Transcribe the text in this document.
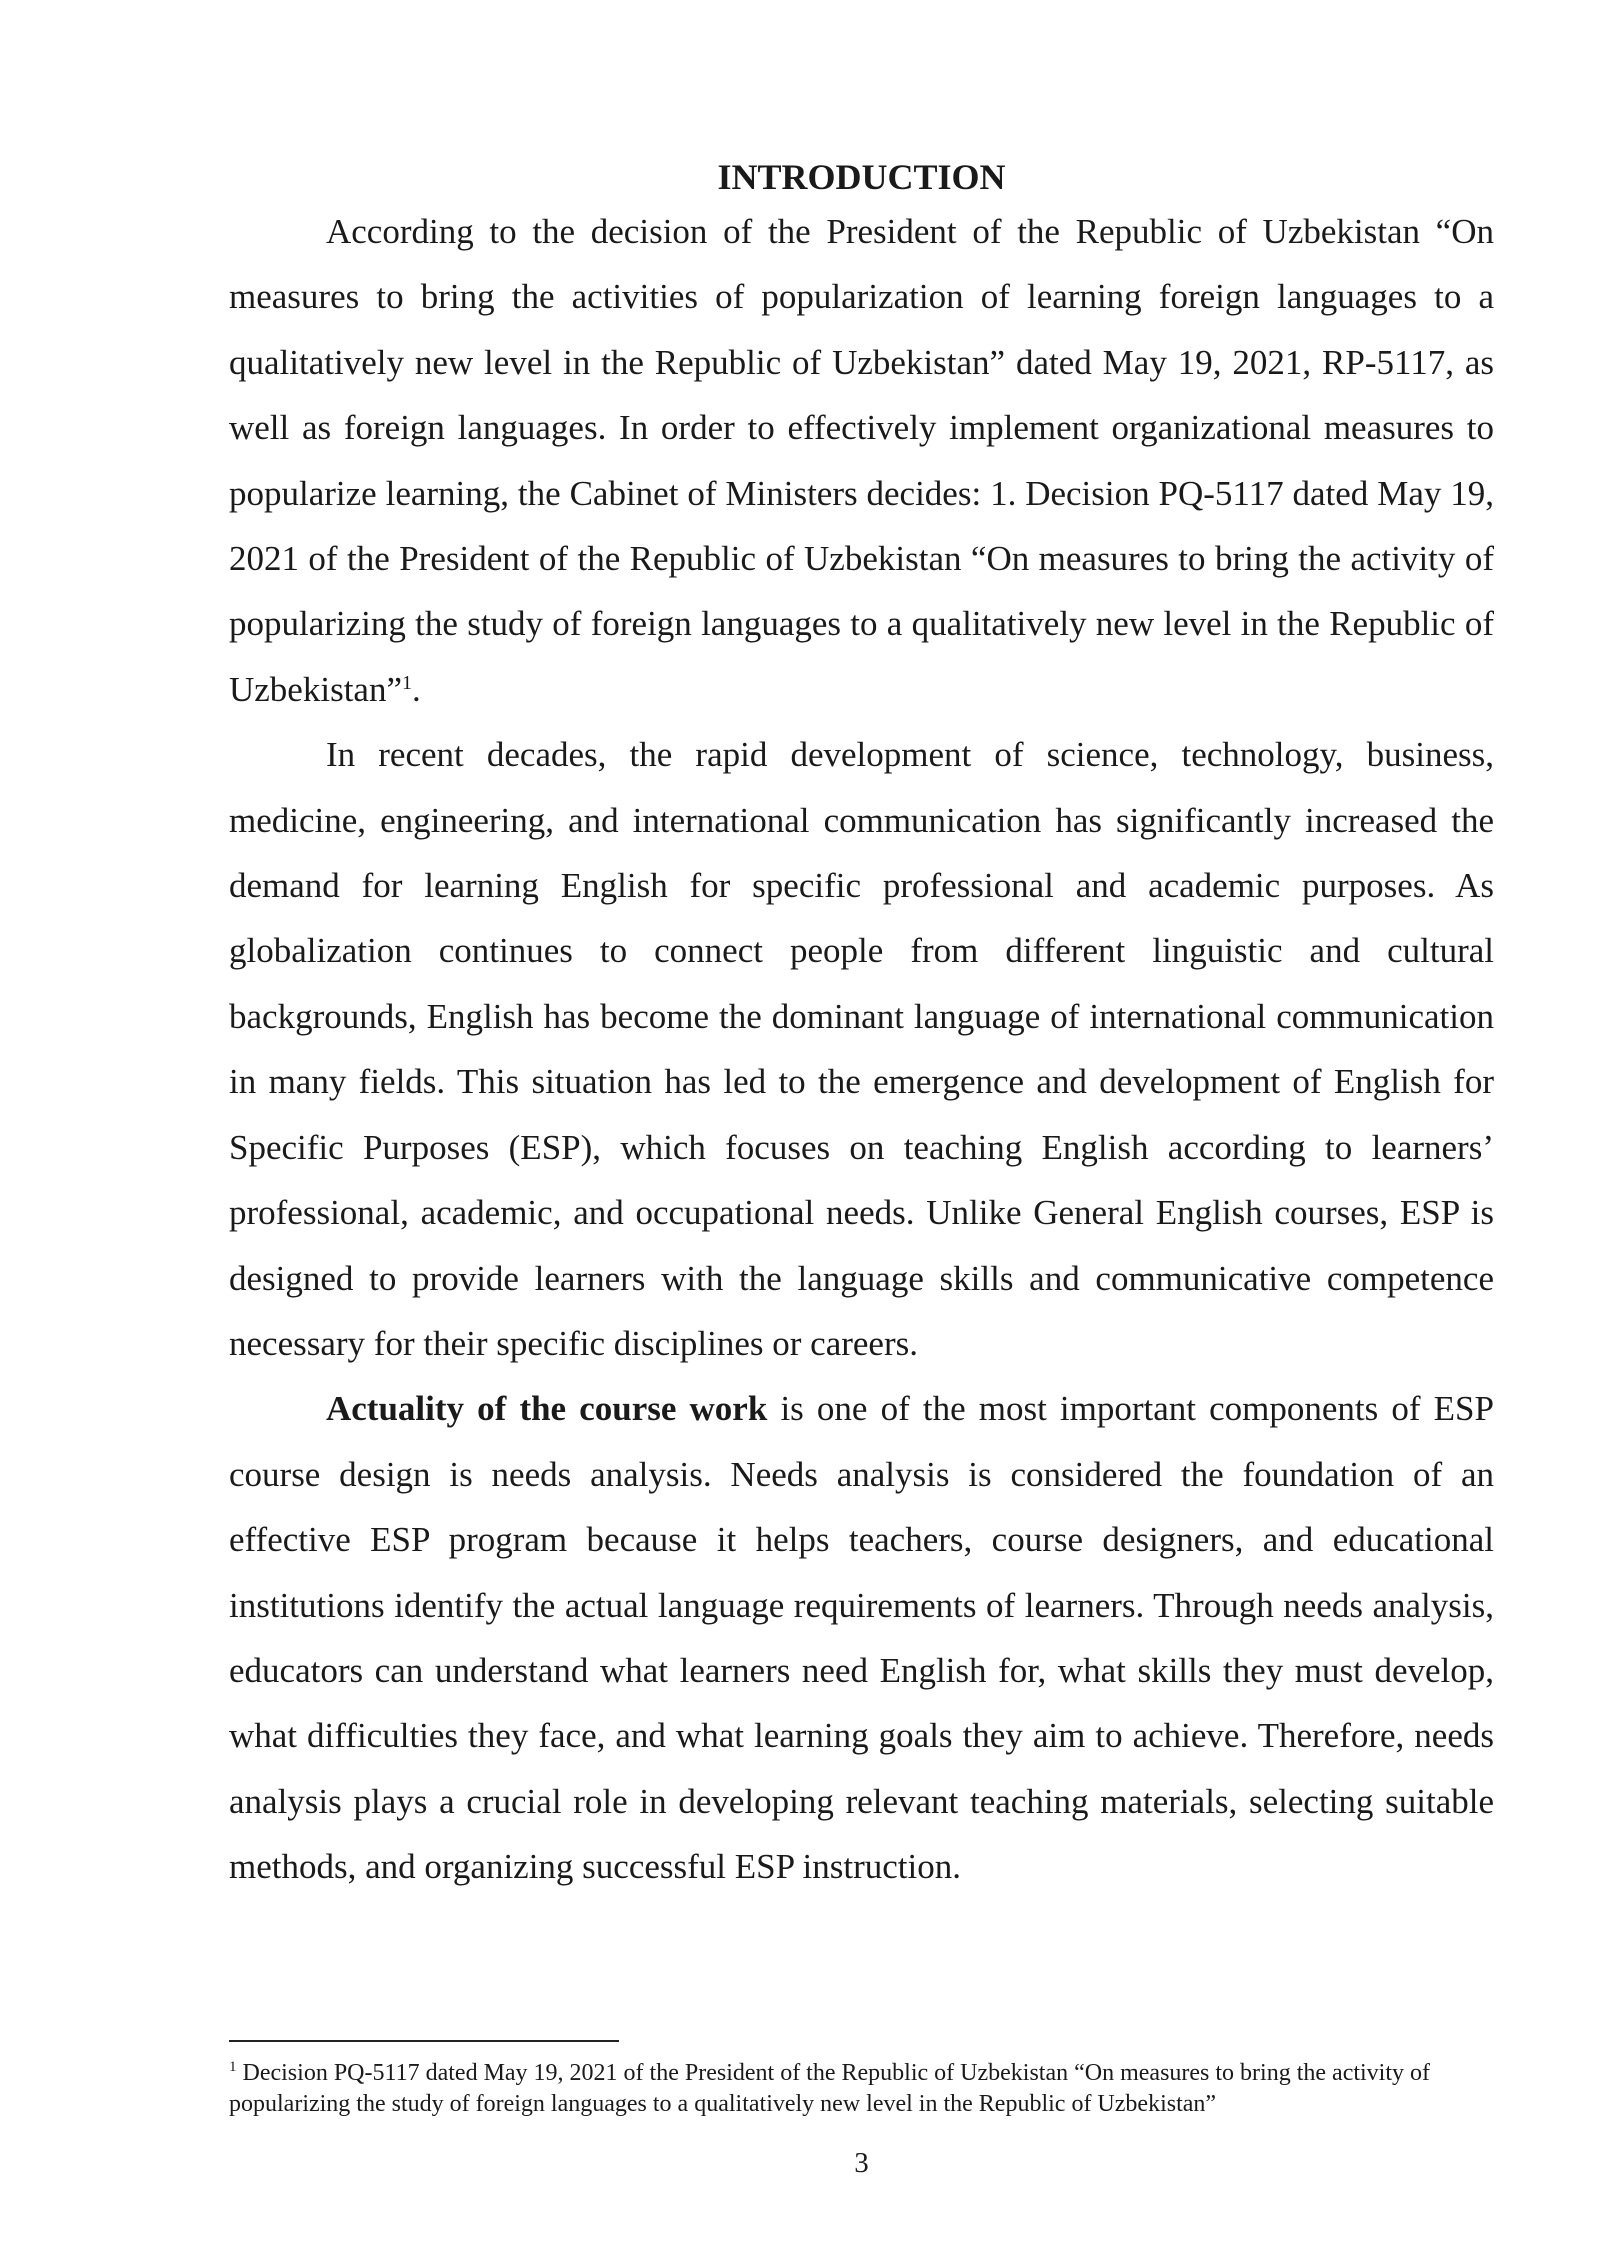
INTRODUCTION

According to the decision of the President of the Republic of Uzbekistan “On measures to bring the activities of popularization of learning foreign languages to a qualitatively new level in the Republic of Uzbekistan” dated May 19, 2021, RP-5117, as well as foreign languages. In order to effectively implement organizational measures to popularize learning, the Cabinet of Ministers decides: 1. Decision PQ-5117 dated May 19, 2021 of the President of the Republic of Uzbekistan “On measures to bring the activity of popularizing the study of foreign languages to a qualitatively new level in the Republic of Uzbekistan”$^1$.

In recent decades, the rapid development of science, technology, business, medicine, engineering, and international communication has significantly increased the demand for learning English for specific professional and academic purposes. As globalization continues to connect people from different linguistic and cultural backgrounds, English has become the dominant language of international communication in many fields. This situation has led to the emergence and development of English for Specific Purposes (ESP), which focuses on teaching English according to learners’ professional, academic, and occupational needs. Unlike General English courses, ESP is designed to provide learners with the language skills and communicative competence necessary for their specific disciplines or careers.

Actuality of the course work is one of the most important components of ESP course design is needs analysis. Needs analysis is considered the foundation of an effective ESP program because it helps teachers, course designers, and educational institutions identify the actual language requirements of learners. Through needs analysis, educators can understand what learners need English for, what skills they must develop, what difficulties they face, and what learning goals they aim to achieve. Therefore, needs analysis plays a crucial role in developing relevant teaching materials, selecting suitable methods, and organizing successful ESP instruction.

$^1$ Decision PQ-5117 dated May 19, 2021 of the President of the Republic of Uzbekistan “On measures to bring the activity of popularizing the study of foreign languages to a qualitatively new level in the Republic of Uzbekistan”

3
